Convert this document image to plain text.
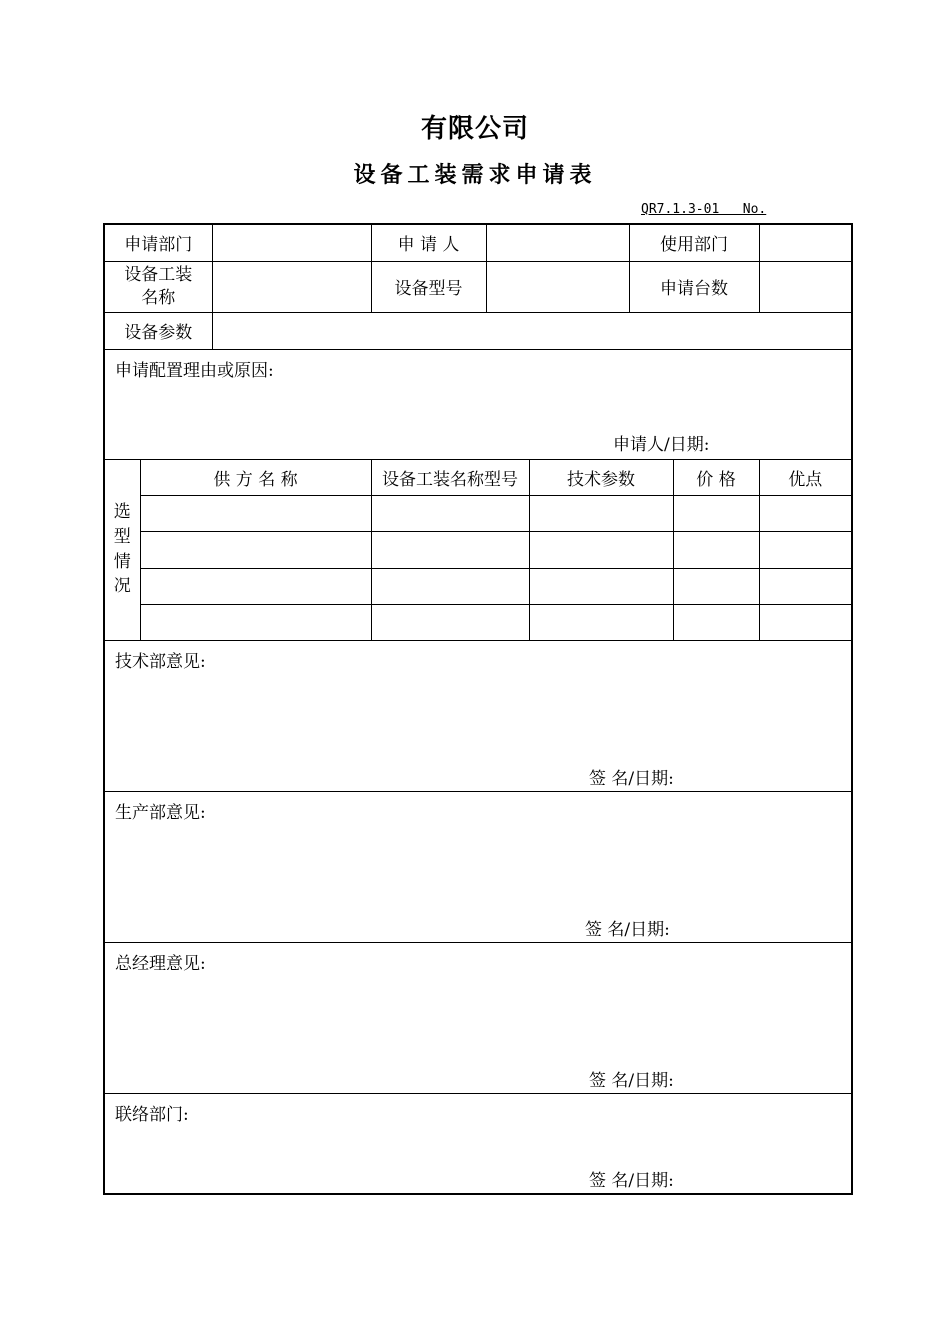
有限公司
设备工装需求申请表
QR7.1.3-01   No.
申请部门			申 请 人			使用部门		
设备工装名称			设备型号			申请台数		
设备参数								

申请配置理由或原因:
申请人/日期:								

选型情况	供 方 名 称		设备工装名称型号		技术参数		价 格	优点

技术部意见:
签 名/日期:								

生产部意见:
签 名/日期:								

总经理意见:
签 名/日期:								

联络部门:
签 名/日期:								
